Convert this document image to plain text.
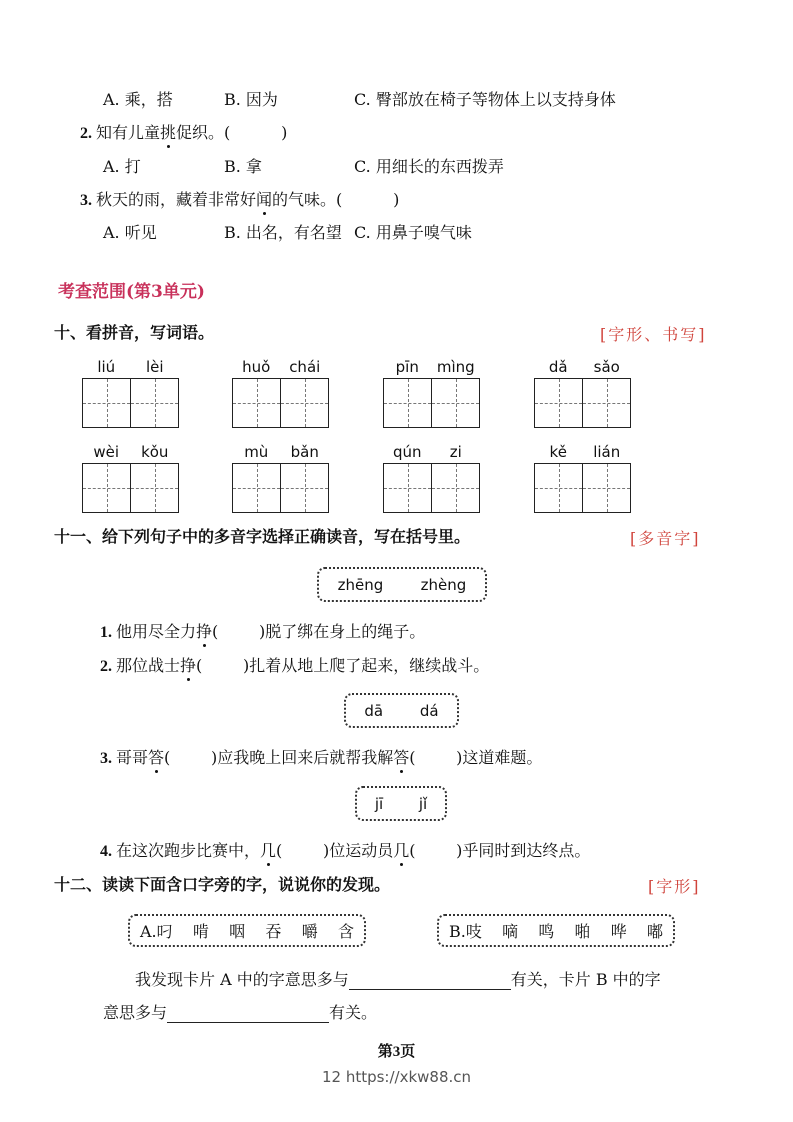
A. 乘，搭	B. 因为	C. 臀部放在椅子等物体上以支持身体
2. 知有儿童挑促织。(          )
A. 打	B. 拿	C. 用细长的东西拨弄
3. 秋天的雨，藏着非常好闻的气味。(          )
A. 听见	B. 出名，有名望 C. 用鼻子嗅气味
考查范围(第3单元)
十、看拼音，写词语。	[字形、书写]
liú	lèi	huǒ	chái	pīn	mìng	dǎ	sǎo
wèi	kǒu	mù	bǎn	qún	zi	kě	lián
十一、给下列句子中的多音字选择正确读音，写在括号里。	[多音字]
zhēng zhèng
1. 他用尽全力挣(        )脱了绑在身上的绳子。
2. 那位战士挣(        )扎着从地上爬了起来，继续战斗。
dā dá
3. 哥哥答(        )应我晚上回来后就帮我解答(        )这道难题。
jī jǐ
4. 在这次跑步比赛中，几(        )位运动员几(        )乎同时到达终点。
十二、读读下面含口字旁的字，说说你的发现。	[字形]
A.叼 啃 咽 吞 嚼 含	B.吱 嘀 鸣 啪 哗 嘟
我发现卡片 A 中的字意思多与	有关，卡片 B 中的字
意思多与	有关。
第3页
12 https://xkw88.cn
